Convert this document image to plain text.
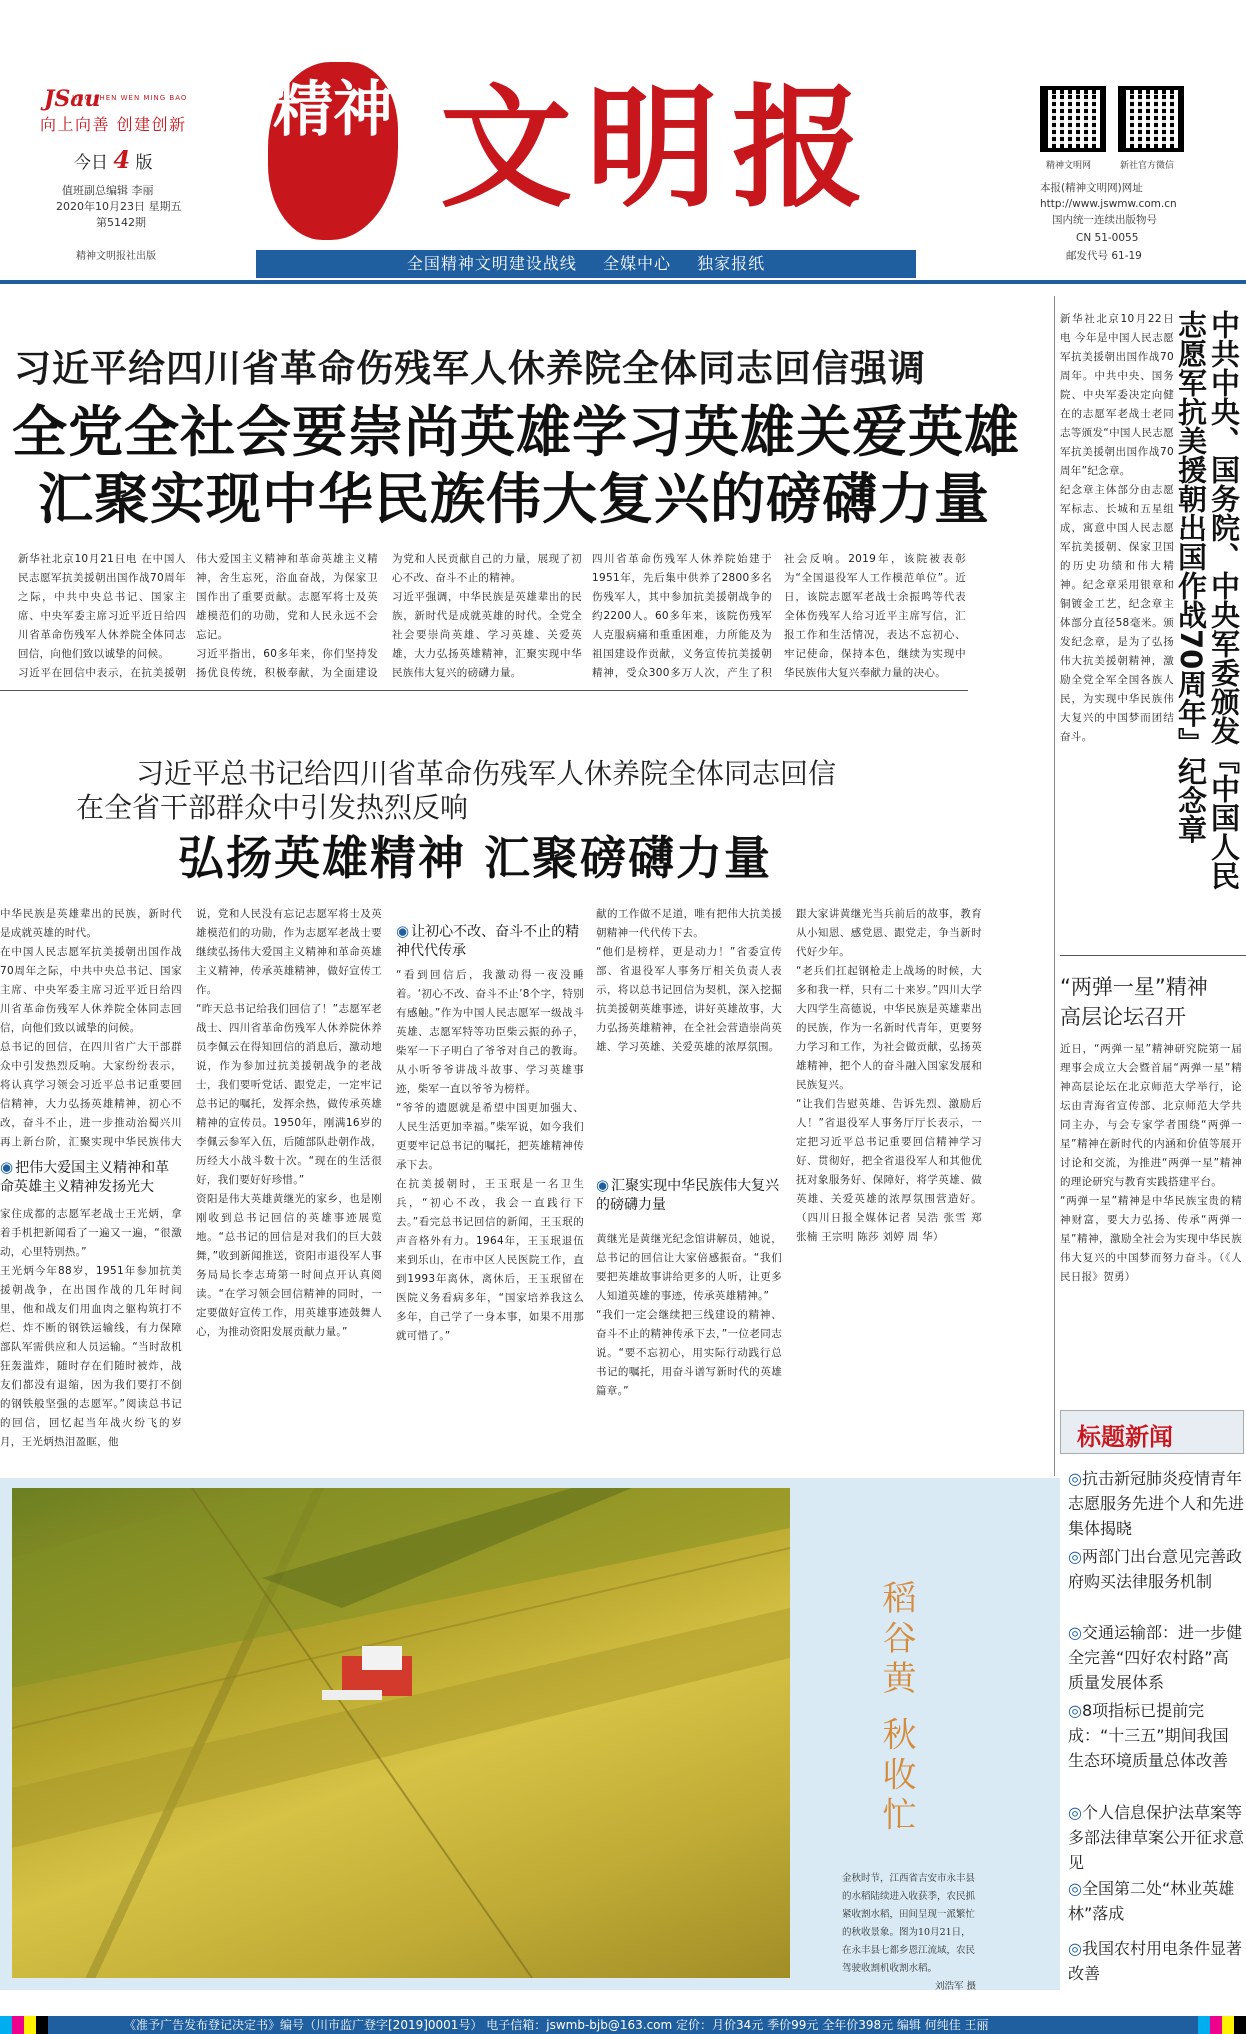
JSau
JING SHEN WEN MING BAO
向上向善 创建创新
今日 4 版
值班副总编辑 李丽
2020年10月23日 星期五
第5142期
精神文明报社出版
精神 文明报
全国精神文明建设战线 全媒中心 独家报纸
精神文明网	新社官方微信
本报(精神文明网)网址
http://www.jswmw.com.cn
国内统一连续出版物号
CN 51-0055
邮发代号 61-19
习近平给四川省革命伤残军人休养院全体同志回信强调
全党全社会要崇尚英雄学习英雄关爱英雄
汇聚实现中华民族伟大复兴的磅礴力量
新华社北京10月21日电 在中国人民志愿军抗美援朝出国作战70周年之际，中共中央总书记、国家主席、中央军委主席习近平近日给四川省革命伤残军人休养院全体同志回信，向他们致以诚挚的问候。
习近平在回信中表示，在抗美援朝
伟大爱国主义精神和革命英雄主义精神，舍生忘死，浴血奋战，为保家卫国作出了重要贡献。志愿军将士及英雄模范们的功勋，党和人民永远不会忘记。
习近平指出，60多年来，你们坚持发扬优良传统，积极奉献，为全面建设
为党和人民贡献自己的力量，展现了初心不改、奋斗不止的精神。
习近平强调，中华民族是英雄辈出的民族，新时代是成就英雄的时代。全党全社会要崇尚英雄、学习英雄、关爱英雄，大力弘扬英雄精神，汇聚实现中华民族伟大复兴的磅礴力量。
四川省革命伤残军人休养院始建于1951年，先后集中供养了2800多名伤残军人，其中参加抗美援朝战争的约2200人。60多年来，该院伤残军人克服病痛和重重困难，力所能及为祖国建设作贡献，义务宣传抗美援朝精神，受众300多万人次，产生了积
社会反响。2019年，该院被表彰为“全国退役军人工作模范单位”。近日，该院志愿军老战士余振鸣等代表全体伤残军人给习近平主席写信，汇报工作和生活情况，表达不忘初心、牢记使命，保持本色，继续为实现中华民族伟大复兴奉献力量的决心。
习近平总书记给四川省革命伤残军人休养院全体同志回信
在全省干部群众中引发热烈反响
弘扬英雄精神 汇聚磅礴力量
中华民族是英雄辈出的民族，新时代是成就英雄的时代。
在中国人民志愿军抗美援朝出国作战70周年之际，中共中央总书记、国家主席、中央军委主席习近平近日给四川省革命伤残军人休养院全体同志回信，向他们致以诚挚的问候。
总书记的回信，在四川省广大干部群众中引发热烈反响。大家纷纷表示，将认真学习领会习近平总书记重要回信精神，大力弘扬英雄精神，初心不改，奋斗不止，进一步推动治蜀兴川再上新台阶，汇聚实现中华民族伟大
◉ 把伟大爱国主义精神和革命英雄主义精神发扬光大
家住成都的志愿军老战士王光炳，拿着手机把新闻看了一遍又一遍，“很激动，心里特别热。”
王光炳今年88岁，1951年参加抗美援朝战争，在出国作战的几年时间里，他和战友们用血肉之躯构筑打不烂、炸不断的钢铁运输线，有力保障部队军需供应和人员运输。“当时敌机狂轰滥炸，随时存在们随时被炸，战友们都没有退缩，因为我们要打不倒的钢铁般坚强的志愿军。”阅读总书记的回信，回忆起当年战火纷飞的岁月，王光炳热泪盈眶，他
说，党和人民没有忘记志愿军将士及英雄模范们的功勋，作为志愿军老战士要继续弘扬伟大爱国主义精神和革命英雄主义精神，传承英雄精神，做好宣传工作。
“昨天总书记给我们回信了！”志愿军老战士、四川省革命伤残军人休养院休养员李佩云在得知回信的消息后，激动地说，作为参加过抗美援朝战争的老战士，我们要听党话、跟党走，一定牢记总书记的嘱托，发挥余热，做传承英雄精神的宣传员。1950年，刚满16岁的李佩云参军入伍，后随部队赴朝作战，历经大小战斗数十次。“现在的生活很好，我们要好好珍惜。”
资阳是伟大英雄黄继光的家乡，也是刚刚收到总书记回信的英雄事迹展览地。“总书记的回信是对我们的巨大鼓舞，”收到新闻推送，资阳市退役军人事务局局长李志琦第一时间点开认真阅读。“在学习领会回信精神的同时，一定要做好宣传工作，用英雄事迹鼓舞人心，为推动资阳发展贡献力量。”
◉ 让初心不改、奋斗不止的精神代代传承
“看到回信后，我激动得一夜没睡着。‘初心不改、奋斗不止’8个字，特别有感触。”作为中国人民志愿军一级战斗英雄、志愿军特等功臣柴云振的孙子，柴军一下子明白了爷爷对自己的教诲。从小听爷爷讲战斗故事、学习英雄事迹，柴军一直以爷爷为榜样。
“爷爷的遗愿就是希望中国更加强大、人民生活更加幸福。”柴军说，如今我们更要牢记总书记的嘱托，把英雄精神传承下去。
在抗美援朝时，王玉珉是一名卫生兵，“初心不改，我会一直践行下去。”看完总书记回信的新闻，王玉珉的声音格外有力。1964年，王玉珉退伍来到乐山，在市中区人民医院工作，直到1993年离休，离休后，王玉珉留在医院义务看病多年，“国家培养我这么多年，自己学了一身本事，如果不用那就可惜了。”
献的工作做不足道，唯有把伟大抗美援朝精神一代代传下去。
“他们是榜样，更是动力！”省委宣传部、省退役军人事务厅相关负责人表示，将以总书记回信为契机，深入挖掘抗美援朝英雄事迹，讲好英雄故事，大力弘扬英雄精神，在全社会营造崇尚英雄、学习英雄、关爱英雄的浓厚氛围。
◉ 汇聚实现中华民族伟大复兴的磅礴力量
黄继光是黄继光纪念馆讲解员，她说，总书记的回信让大家倍感振奋。“我们要把英雄故事讲给更多的人听，让更多人知道英雄的事迹，传承英雄精神。”
“我们一定会继续把三线建设的精神、奋斗不止的精神传承下去，”一位老同志说。“要不忘初心，用实际行动践行总书记的嘱托，用奋斗谱写新时代的英雄篇章。”
跟大家讲黄继光当兵前后的故事，教育从小知恩、感党恩、跟党走，争当新时代好少年。
“老兵们扛起钢枪走上战场的时候，大多和我一样，只有二十来岁。”四川大学大四学生高德说，中华民族是英雄辈出的民族，作为一名新时代青年，更要努力学习和工作，为社会做贡献，弘扬英雄精神，把个人的奋斗融入国家发展和民族复兴。
“让我们告慰英雄、告诉先烈、激励后人！”省退役军人事务厅厅长表示，一定把习近平总书记重要回信精神学习好、贯彻好，把全省退役军人和其他优抚对象服务好、保障好，将学英雄、做英雄、关爱英雄的浓厚氛围营造好。（四川日报全媒体记者 吴浩 张雪 郑 张楠 王宗明 陈莎 刘婷 周 华）
新华社北京10月22日电 今年是中国人民志愿军抗美援朝出国作战70周年。中共中央、国务院、中央军委决定向健在的志愿军老战士老同志等颁发“中国人民志愿军抗美援朝出国作战70周年”纪念章。
纪念章主体部分由志愿军标志、长城和五星组成，寓意中国人民志愿军抗美援朝、保家卫国的历史功绩和伟大精神。纪念章采用银章和铜镀金工艺，纪念章主体部分直径58毫米。颁发纪念章，是为了弘扬伟大抗美援朝精神，激励全党全军全国各族人民，为实现中华民族伟大复兴的中国梦而团结奋斗。	中共中央、国务院、中央军委颁发『中国人民志愿军抗美援朝出国作战70周年』纪念章
“两弹一星”精神
高层论坛召开
近日，“两弹一星”精神研究院第一届理事会成立大会暨首届“两弹一星”精神高层论坛在北京师范大学举行，论坛由青海省宣传部、北京师范大学共同主办，与会专家学者围绕“两弹一星”精神在新时代的内涵和价值等展开讨论和交流，为推进“两弹一星”精神的理论研究与教育实践搭建平台。
“两弹一星”精神是中华民族宝贵的精神财富，要大力弘扬、传承“两弹一星”精神，激励全社会为实现中华民族伟大复兴的中国梦而努力奋斗。（《人民日报》贺勇）
标题新闻
◎抗击新冠肺炎疫情青年志愿服务先进个人和先进集体揭晓
◎两部门出台意见完善政府购买法律服务机制
◎交通运输部：进一步健全完善“四好农村路”高质量发展体系
◎8项指标已提前完成：“十三五”期间我国生态环境质量总体改善
◎个人信息保护法草案等多部法律草案公开征求意见
◎全国第二处“林业英雄林”落成
◎我国农村用电条件显著改善
稻谷黄 秋收忙
金秋时节，江西省吉安市永丰县的水稻陆续进入收获季，农民抓紧收割水稻，田间呈现一派繁忙的秋收景象。图为10月21日，在永丰县七都乡恩江流域，农民驾驶收割机收割水稻。
刘浩军 摄
《准予广告发布登记决定书》编号（川市监广登字[2019]0001号） 电子信箱：jswmb-bjb@163.com 定价：月价34元 季价99元 全年价398元 编辑 何纯佳 王丽
